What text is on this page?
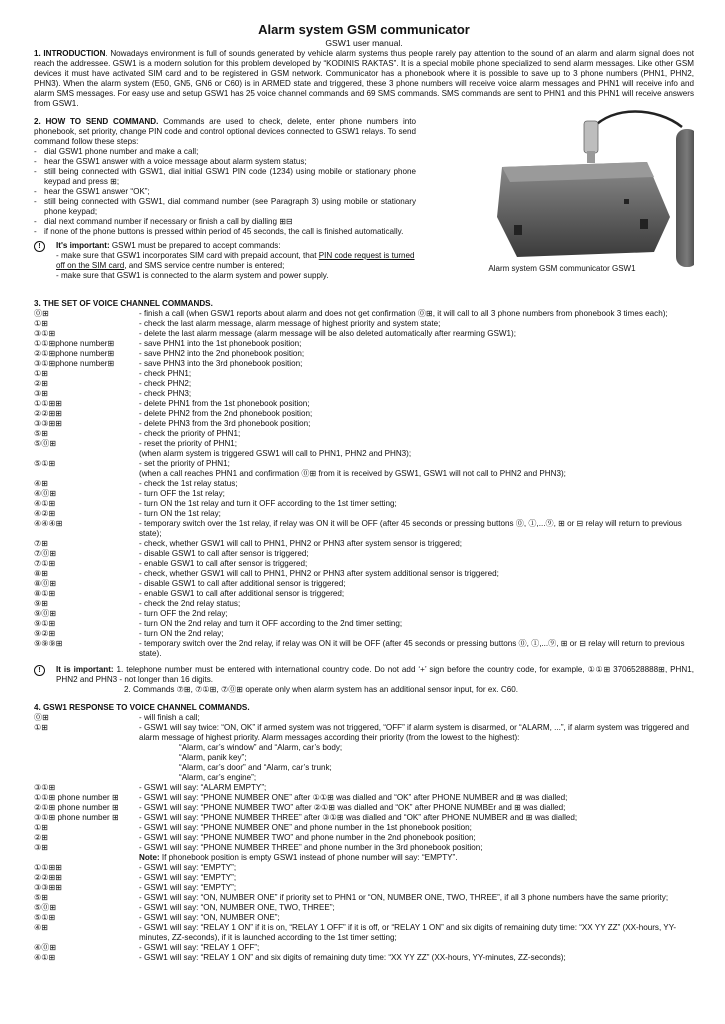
Alarm system GSM communicator
GSW1 user manual.

1. INTRODUCTION. Nowadays environment is full of sounds generated by vehicle alarm systems thus people rarely pay attention to the sound of an alarm and alarm signal does not reach the addressee. GSW1 is a modern solution for this problem developed by “KODINIS RAKTAS”. It is a special mobile phone specialized to send alarm messages. Like other GSM devices it must have activated SIM card and to be registered in GSM network. Communicator has a phonebook where it is possible to save up to 3 phone numbers (PHN1, PHN2, PHN3). When the alarm system (E50, GN5, GN6 or C60) is in ARMED state and triggered, these 3 phone numbers will receive voice alarm messages and PHN1 will receive info and alarm SMS messages. For easy use and setup GSW1 has 25 voice channel commands and 69 SMS commands. SMS commands are sent to PHN1 and this PHN1 will receive answers from GSW1.

2. HOW TO SEND COMMAND. Commands are used to check, delete, enter phone numbers into phonebook, set priority, change PIN code and control optional devices connected to GSW1 relays. To send command follow these steps:

- dial GSW1 phone number and make a call;
- hear the GSW1 answer with a voice message about alarm system status;
- still being connected with GSW1, dial initial GSW1 PIN code (1234) using mobile or stationary phone keypad and press ⊞;
- hear the GSW1 answer “OK”;
- still being connected with GSW1, dial command number (see Paragraph 3) using mobile or stationary phone keypad;
- dial next command number if necessary or finish a call by dialling ⊞⊟
- if none of the phone buttons is pressed within period of 45 seconds, the call is finished automatically.
!	It's important: GSW1 must be prepared to accept commands:
- make sure that GSW1 incorporates SIM card with prepaid account, that PIN code request is turned off on the SIM card, and SMS service centre number is entered;
- make sure that GSW1 is connected to the alarm system and power supply.
Alarm system GSM communicator GSW1
3. THE SET OF VOICE CHANNEL COMMANDS.
⓪⊞	- finish a call (when GSW1 reports about alarm and does not get confirmation ⓪⊞, it will call to all 3 phone numbers from phonebook 3 times each);

①⊞	- check the last alarm message, alarm message of highest priority and system state;

③①⊞	- delete the last alarm message (alarm message will be also deleted automatically after rearming GSW1);

①①⊞phone number⊞	- save PHN1 into the 1st phonebook position;

②①⊞phone number⊞	- save PHN2 into the 2nd phonebook position;

③①⊞phone number⊞	- save PHN3 into the 3rd phonebook position;

①⊞	- check PHN1;

②⊞	- check PHN2;

③⊞	- check PHN3;

①①⊞⊞	- delete PHN1 from the 1st phonebook position;

②②⊞⊞	- delete PHN2 from the 2nd phonebook position;

③③⊞⊞	- delete PHN3 from the 3rd phonebook position;

⑤⊞	- check the priority of PHN1;

⑤⓪⊞	- reset the priority of PHN1;
(when alarm system is triggered GSW1 will call to PHN1, PHN2 and PHN3);

⑤①⊞	- set the priority of PHN1;
(when a call reaches PHN1 and confirmation ⓪⊞ from it is received by GSW1, GSW1 will not call to PHN2 and PHN3);

④⊞	- check the 1st relay status;

④⓪⊞	- turn OFF the 1st relay;

④①⊞	- turn ON the 1st relay and turn it OFF according to the 1st timer setting;

④②⊞	- turn ON the 1st relay;

④④④⊞	- temporary switch over the 1st relay, if relay was ON it will be OFF (after 45 seconds or pressing buttons ⓪, ①,...⑨, ⊞ or ⊟ relay will return to previous state);

⑦⊞	- check, whether GSW1 will call to PHN1, PHN2 or PHN3 after system sensor is triggered;

⑦⓪⊞	- disable GSW1 to call after sensor is triggered;

⑦①⊞	- enable GSW1 to call after sensor is triggered;

⑧⊞	- check, whether GSW1 will call to PHN1, PHN2 or PHN3 after system additional sensor is triggered;

⑧⓪⊞	- disable GSW1 to call after additional sensor is triggered;

⑧①⊞	- enable GSW1 to call after additional sensor is triggered;

⑨⊞	- check the 2nd relay status;

⑨⓪⊞	- turn OFF the 2nd relay;

⑨①⊞	- turn ON the 2nd relay and turn it OFF according to the 2nd timer setting;

⑨②⊞	- turn ON the 2nd relay;

⑨⑨⑨⊞	- temporary switch over the 2nd relay, if relay was ON it will be OFF (after 45 seconds or pressing buttons ⓪, ①,...⑨, ⊞ or ⊟ relay will return to previous state).
!	It is important: 1. telephone number must be entered with international country code. Do not add ‘+’ sign before the country code, for example, ①①⊞ 3706528888⊞, PHN1, PHN2 and PHN3 - not longer than 16 digits.

2. Commands ⑦⊞, ⑦①⊞, ⑦⓪⊞ operate only when alarm system has an additional sensor input, for ex. C60.

4. GSW1 RESPONSE TO VOICE CHANNEL COMMANDS.
⓪⊞	- will finish a call;

①⊞	- GSW1 will say twice: “ON, OK” if armed system was not triggered, “OFF” if alarm system is disarmed, or “ALARM, ...”, if alarm system was triggered and alarm message of highest priority. Alarm messages according their priority (from the lowest to the highest):
“Alarm, car’s window” and “Alarm, car’s body;
“Alarm, panik key”;
“Alarm, car’s door” and “Alarm, car’s trunk;
“Alarm, car’s engine”;

③①⊞	- GSW1 will say: “ALARM EMPTY”;

①①⊞ phone number ⊞	- GSW1 will say: “PHONE NUMBER ONE” after ①①⊞ was dialled and “OK” after PHONE NUMBER and ⊞ was dialled;

②①⊞ phone number ⊞	- GSW1 will say: “PHONE NUMBER TWO” after ②①⊞ was dialled and “OK” after PHONE NUMBEr and ⊞ was dialled;

③①⊞ phone number ⊞	- GSW1 will say: “PHONE NUMBER THREE” after ③①⊞ was dialled and “OK” after PHONE NUMBER and ⊞ was dialled;

①⊞	- GSW1 will say: “PHONE NUMBER ONE” and phone number in the 1st phonebook position;

②⊞	- GSW1 will say: “PHONE NUMBER TWO” and phone number in the 2nd phonebook position;

③⊞	- GSW1 will say: “PHONE NUMBER THREE” and phone number in the 3rd phonebook position;

	Note: If phonebook position is empty GSW1 instead of phone number will say: “EMPTY”.
①①⊞⊞	- GSW1 will say: “EMPTY”;

②②⊞⊞	- GSW1 will say: “EMPTY”;

③③⊞⊞	- GSW1 will say: “EMPTY”;

⑤⊞	- GSW1 will say: “ON, NUMBER ONE” if priority set to PHN1 or “ON, NUMBER ONE, TWO, THREE”, if all 3 phone numbers have the same priority;

⑤⓪⊞	- GSW1 will say: “ON, NUMBER ONE, TWO, THREE”;

⑤①⊞	- GSW1 will say: “ON, NUMBER ONE”;

④⊞	- GSW1 will say: “RELAY 1 ON” if it is on, “RELAY 1 OFF” if it is off, or “RELAY 1 ON” and six digits of remaining duty time: “XX YY ZZ” (XX-hours, YY-minutes, ZZ-seconds), if it is launched according to the 1st timer setting;

④⓪⊞	- GSW1 will say: “RELAY 1 OFF”;

④①⊞	- GSW1 will say: “RELAY 1 ON” and six digits of remaining duty time: “XX YY ZZ” (XX-hours, YY-minutes, ZZ-seconds);
